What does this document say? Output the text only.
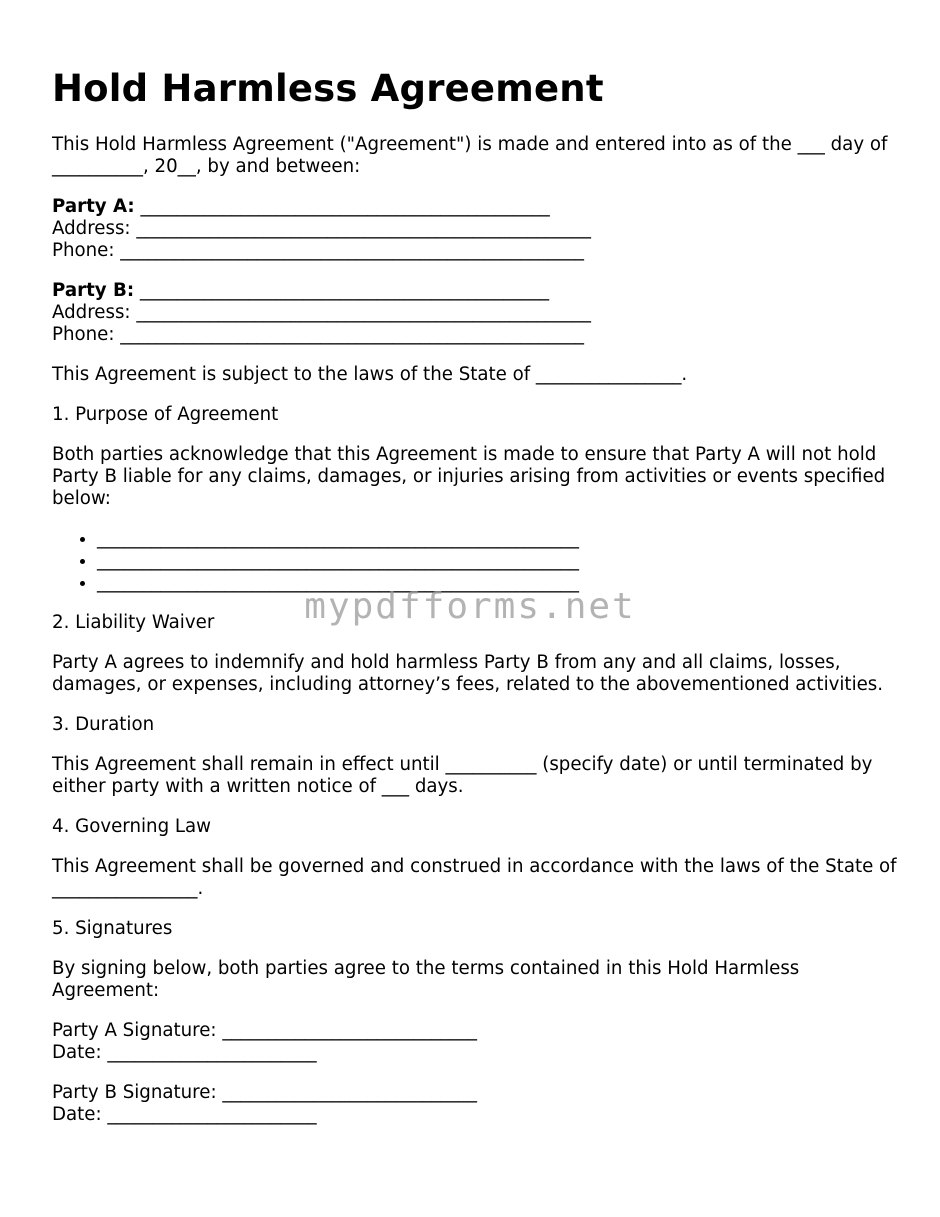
Hold Harmless Agreement

This Hold Harmless Agreement ("Agreement") is made and entered into as of the ___ day of __________, 20__, by and between:

Party A: _____________________________________________
Address: __________________________________________________
Phone: ___________________________________________________
Party B: _____________________________________________
Address: __________________________________________________
Phone: ___________________________________________________

This Agreement is subject to the laws of the State of ________________.

1. Purpose of Agreement

Both parties acknowledge that this Agreement is made to ensure that Party A will not hold Party B liable for any claims, damages, or injuries arising from activities or events specified below:

• _____________________________________________________
• _____________________________________________________
• _____________________________________________________

2. Liability Waiver

Party A agrees to indemnify and hold harmless Party B from any and all claims, losses, damages, or expenses, including attorney’s fees, related to the abovementioned activities.

3. Duration

This Agreement shall remain in effect until __________ (specify date) or until terminated by either party with a written notice of ___ days.

4. Governing Law

This Agreement shall be governed and construed in accordance with the laws of the State of ________________.

5. Signatures

By signing below, both parties agree to the terms contained in this Hold Harmless Agreement:

Party A Signature: ____________________________
Date: _______________________
Party B Signature: ____________________________
Date: _______________________
mypdfforms.net
